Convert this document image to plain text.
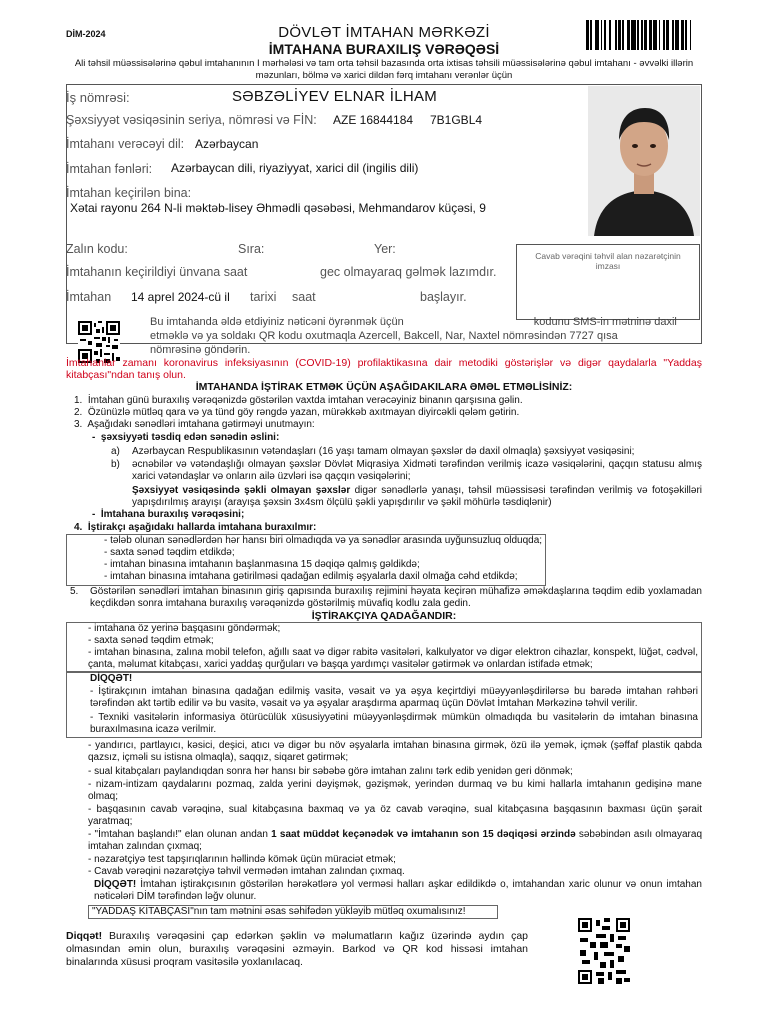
DİM-2024	DÖVLƏT İMTAHAN MƏRKƏZİ
İMTAHANA BURAXILIŞ VƏRƏQƏSİ
Ali təhsil müəssisələrinə qəbul imtahanının I mərhələsi və tam orta təhsil bazasında orta ixtisas təhsili müəssisələrinə qəbul imtahanı - əvvəlki illərin məzunları, bölmə və xarici dildən fərq imtahanı verənlər üçün
İş nömrəsi:	SƏBZƏLİYEV ELNAR İLHAM
Şəxsiyyət vəsiqəsinin seriya, nömrəsi və FİN: AZE 16844184 7B1GBL4
İmtahanı verəcəyi dil: Azərbaycan
İmtahan fənləri: Azərbaycan dili, riyaziyyat, xarici dil (ingilis dili)
İmtahan keçirilən bina:
Xətai rayonu 264 N-li məktəb-lisey Əhmədli qəsəbəsi, Mehmandarov küçəsi, 9
Zalın kodu:	Sıra:	Yer:
İmtahanın keçirildiyi ünvana saat	gec olmayaraq gəlmək lazımdır.
İmtahan 14 aprel 2024-cü il tarixi saat	başlayır.
Cavab vərəqini təhvil alan nəzarətçinin imzası
Bu imtahanda əldə etdiyiniz nəticəni öyrənmək üçün	kodunu SMS-in mətninə daxil
etməklə və ya soldakı QR kodu oxutmaqla Azercell, Bakcell, Nar, Naxtel nömrəsindən 7727 qısa
nömrəsinə göndərin.
İmtahanlar zamanı koronavirus infeksiyasının (COVID-19) profilaktikasına dair metodiki göstərişlər və digər qaydalarla "Yaddaş kitabçası"ndan tanış olun.
İMTAHANDA İŞTİRAK ETMƏK ÜÇÜN AŞAĞIDAKILARA ƏMƏL ETMƏLİSİNİZ:
1.  İmtahan günü buraxılış vərəqənizdə göstərilən vaxtda imtahan verəcəyiniz binanın qarşısına gəlin.
2.  Özünüzlə mütləq qara və ya tünd göy rəngdə yazan, mürəkkəb axıtmayan diyircəkli qələm gətirin.
3.  Aşağıdakı sənədləri imtahana gətirməyi unutmayın:
-  şəxsiyyəti təsdiq edən sənədin əslini:
a) Azərbaycan Respublikasının vətəndaşları (16 yaşı tamam olmayan şəxslər də daxil olmaqla) şəxsiyyət vəsiqəsini;
b) əcnəbilər və vətəndaşlığı olmayan şəxslər Dövlət Miqrasiya Xidməti tərəfindən verilmiş icazə vəsiqələrini, qaçqın statusu almış xarici vətəndaşlar və onların ailə üzvləri isə qaçqın vəsiqələrini;
Şəxsiyyət vəsiqəsində şəkli olmayan şəxslər digər sənədlərlə yanaşı, təhsil müəssisəsi tərəfindən verilmiş və fotoşəkilləri yapışdırılmış arayışı (arayışa şəxsin 3x4sm ölçülü şəkli yapışdırılır və şəkil möhürlə təsdiqlənir)
-  İmtahana buraxılış vərəqəsini;
4.  İştirakçı aşağıdakı hallarda imtahana buraxılmır:
- tələb olunan sənədlərdən hər hansı biri olmadıqda və ya sənədlər arasında uyğunsuzluq olduqda;
- saxta sənəd təqdim etdikdə;
- imtahan binasına imtahanın başlanmasına 15 dəqiqə qalmış gəldikdə;
- imtahan binasına imtahana gətirilməsi qadağan edilmiş əşyalarla daxil olmağa cəhd etdikdə;
5. Göstərilən sənədləri imtahan binasının giriş qapısında buraxılış rejimini həyata keçirən mühafizə əməkdaşlarına təqdim edib yoxlamadan keçdikdən sonra imtahana buraxılış vərəqənizdə göstərilmiş müvafiq kodlu zala gedin.
İŞTİRAKÇIYA QADAĞANDIR:
- imtahana öz yerinə başqasını göndərmək;
- saxta sənəd təqdim etmək;
- imtahan binasına, zalına mobil telefon, ağıllı saat və digər rabitə vasitələri, kalkulyator və digər elektron cihazlar, konspekt, lüğət, cədvəl, çanta, məlumat kitabçası, xarici yaddaş qurğuları və başqa yardımçı vasitələr gətirmək və onlardan istifadə etmək;
DİQQƏT!
- İştirakçının imtahan binasına qadağan edilmiş vasitə, vəsait və ya əşya keçirtdiyi müəyyənləşdirilərsə bu barədə imtahan rəhbəri tərəfindən akt tərtib edilir və bu vasitə, vəsait və ya əşyalar araşdırma aparmaq üçün Dövlət İmtahan Mərkəzinə təhvil verilir.
- Texniki vasitələrin informasiya ötürücülük xüsusiyyətini müəyyənləşdirmək mümkün olmadıqda bu vasitələrin də imtahan binasına buraxılmasına icazə verilmir.
- yandırıcı, partlayıcı, kəsici, deşici, atıcı və digər bu növ əşyalarla imtahan binasına girmək, özü ilə yemək, içmək (şəffaf plastik qabda qazsız, içməli su istisna olmaqla), saqqız, siqaret gətirmək;
- sual kitabçaları paylandıqdan sonra hər hansı bir səbəbə görə imtahan zalını tərk edib yenidən geri dönmək;
- nizam-intizam qaydalarını pozmaq, zalda yerini dəyişmək, gəzişmək, yerindən durmaq və bu kimi hallarla imtahanın gedişinə mane olmaq;
- başqasının cavab vərəqinə, sual kitabçasına baxmaq və ya öz cavab vərəqinə, sual kitabçasına başqasının baxması üçün şərait yaratmaq;
- "İmtahan başlandı!" elan olunan andan 1 saat müddət keçənədək və imtahanın son 15 dəqiqəsi ərzində səbəbindən asılı olmayaraq imtahan zalından çıxmaq;
- nəzarətçiyə test tapşırıqlarının həllində kömək üçün müraciət etmək;
- Cavab vərəqini nəzarətçiyə təhvil vermədən imtahan zalından çıxmaq.
DİQQƏT! İmtahan iştirakçısının göstərilən hərəkətlərə yol verməsi halları aşkar edildikdə o, imtahandan xaric olunur və onun imtahan nəticələri DİM tərəfindən ləğv olunur.
"YADDAŞ KİTABÇASI"nın tam mətnini əsas səhifədən yükləyib mütləq oxumalısınız!
Diqqət! Buraxılış vərəqəsini çap edərkən şəklin və məlumatların kağız üzərində aydın çap olmasından əmin olun, buraxılış vərəqəsini əzməyin. Barkod və QR kod hissəsi imtahan binalarında xüsusi proqram vasitəsilə yoxlanılacaq.
